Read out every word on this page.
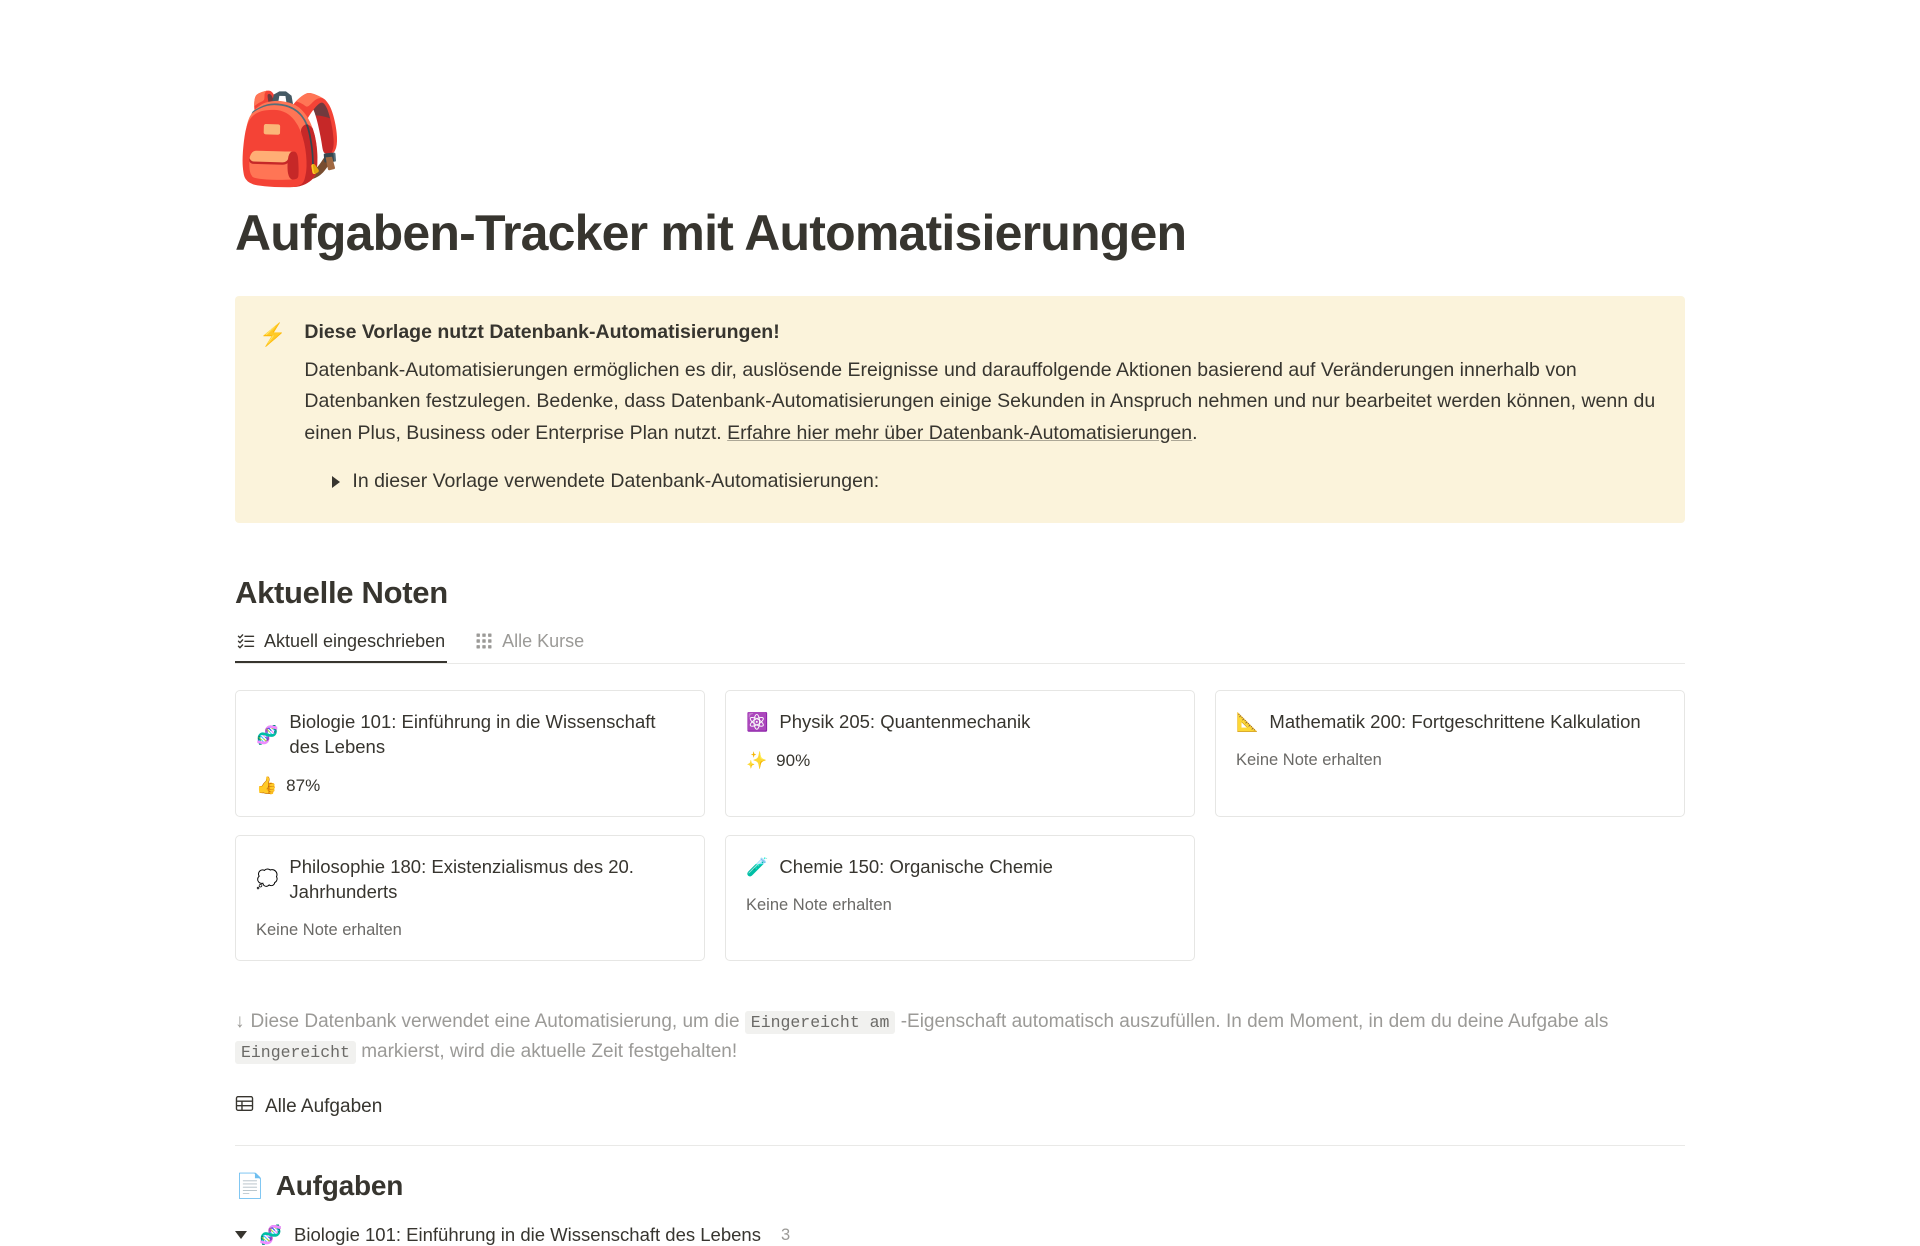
🎒
Aufgaben-Tracker mit Automatisierungen
⚡ Diese Vorlage nutzt Datenbank-Automatisierungen!
Datenbank-Automatisierungen ermöglichen es dir, auslösende Ereignisse und darauffolgende Aktionen basierend auf Veränderungen innerhalb von Datenbanken festzulegen. Bedenke, dass Datenbank-Automatisierungen einige Sekunden in Anspruch nehmen und nur bearbeitet werden können, wenn du einen Plus, Business oder Enterprise Plan nutzt. Erfahre hier mehr über Datenbank-Automatisierungen.
In dieser Vorlage verwendete Datenbank-Automatisierungen:
Aktuelle Noten
Aktuell eingeschrieben	Alle Kurse
🧬
Biologie 101: Einführung in die Wissenschaft des Lebens
👍 87%
⚛️ Physik 205: Quantenmechanik
✨ 90%
📐 Mathematik 200: Fortgeschrittene Kalkulation
Keine Note erhalten
💭
Philosophie 180: Existenzialismus des 20. Jahrhunderts
Keine Note erhalten
🧪 Chemie 150: Organische Chemie
Keine Note erhalten
↓ Diese Datenbank verwendet eine Automatisierung, um die Eingereicht am -Eigenschaft automatisch auszufüllen. In dem Moment, in dem du deine Aufgabe als Eingereicht markierst, wird die aktuelle Zeit festgehalten!
Alle Aufgaben
📄 Aufgaben
🧬 Biologie 101: Einführung in die Wissenschaft des Lebens 3
